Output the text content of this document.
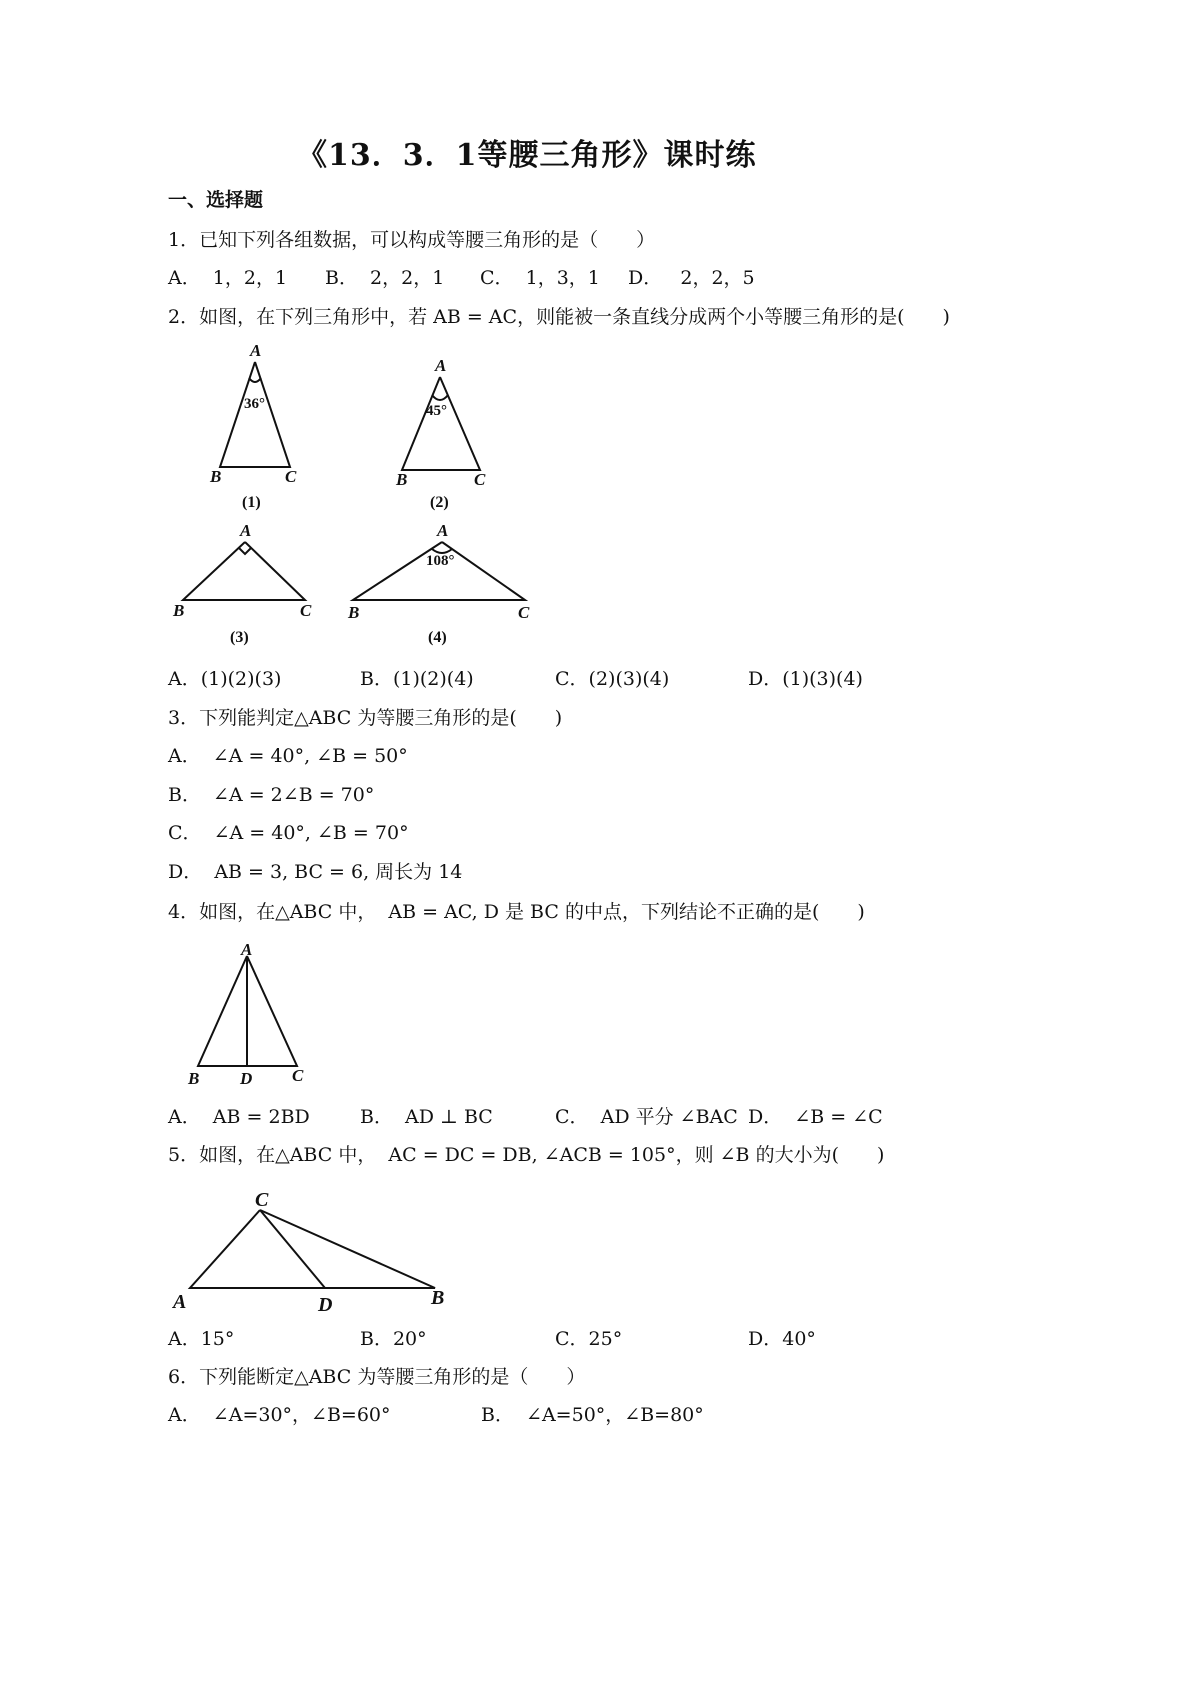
《13．3．1等腰三角形》课时练
一、选择题
1．已知下列各组数据，可以构成等腰三角形的是（　　）
A．  1，2，1 B．  2，2，1 C．  1，3，1 D．   2，2，5
2．如图，在下列三角形中，若 AB = AC，则能被一条直线分成两个小等腰三角形的是(　　)
A
B	C
36°
(1)
A
B	C
45°
(2)
A
B	C
(3)
A
B	C
108°
(4)
A．(1)(2)(3)	B．(1)(2)(4)	C．(2)(3)(4)	D．(1)(3)(4)
3．下列能判定△ABC 为等腰三角形的是(　　)
A．  ∠A = 40°, ∠B = 50°
B．  ∠A = 2∠B = 70°
C．  ∠A = 40°, ∠B = 70°
D．  AB = 3, BC = 6, 周长为 14
4．如图，在△ABC 中，  AB = AC, D 是 BC 的中点，下列结论不正确的是(　　)
A
B D C
A．  AB = 2BD	B．  AD ⊥ BC	C．  AD 平分 ∠BAC D．  ∠B = ∠C
5．如图，在△ABC 中，  AC = DC = DB, ∠ACB = 105°，则 ∠B 的大小为(　　)
C
A	D	B
A．15°	B．20°	C．25°	D．40°
6．下列能断定△ABC 为等腰三角形的是（　　）
A．  ∠A=30°，∠B=60°	B．  ∠A=50°，∠B=80°
